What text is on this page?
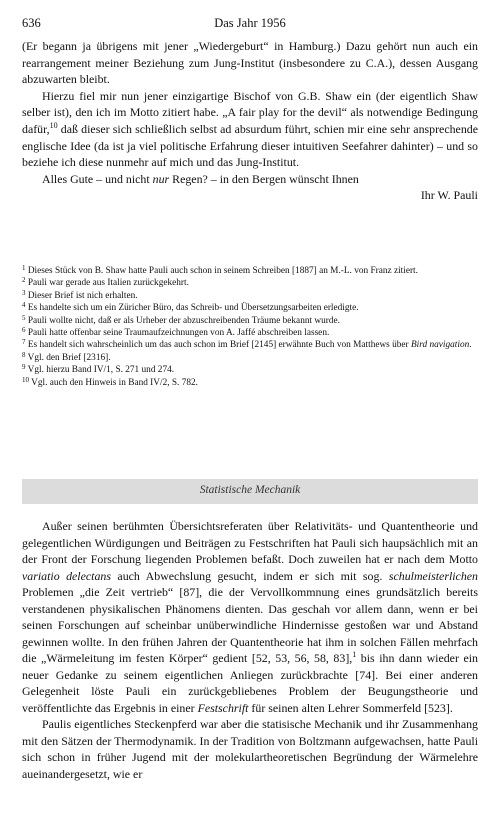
636	Das Jahr 1956

(Er begann ja übrigens mit jener „Wiedergeburt“ in Hamburg.) Dazu gehört nun auch ein rearrangement meiner Beziehung zum Jung-Institut (insbesondere zu C.A.), dessen Ausgang abzuwarten bleibt.

Hierzu fiel mir nun jener einzigartige Bischof von G.B. Shaw ein (der eigentlich Shaw selber ist), den ich im Motto zitiert habe. „A fair play for the devil“ als notwendige Bedingung dafür,$^{10}$ daß dieser sich schließlich selbst ad absurdum führt, schien mir eine sehr ansprechende englische Idee (da ist ja viel politische Erfahrung dieser intuitiven Seefahrer dahinter) – und so beziehe ich diese nunmehr auf mich und das Jung-Institut.

Alles Gute – und nicht nur Regen? – in den Bergen wünscht Ihnen

Ihr W. Pauli

$^1$ Dieses Stück von B. Shaw hatte Pauli auch schon in seinem Schreiben [1887] an M.-L. von Franz zitiert.

$^2$ Pauli war gerade aus Italien zurückgekehrt.

$^3$ Dieser Brief ist nich erhalten.

$^4$ Es handelte sich um ein Züricher Büro, das Schreib- und Übersetzungsarbeiten erledigte.

$^5$ Pauli wollte nicht, daß er als Urheber der abzuschreibenden Träume bekannt wurde.

$^6$ Pauli hatte offenbar seine Traumaufzeichnungen von A. Jaffé abschreiben lassen.

$^7$ Es handelt sich wahrscheinlich um das auch schon im Brief [2145] erwähnte Buch von Matthews über Bird navigation.

$^8$ Vgl. den Brief [2316].

$^9$ Vgl. hierzu Band IV/1, S. 271 und 274.

$^{10}$ Vgl. auch den Hinweis in Band IV/2, S. 782.

Statistische Mechanik

Außer seinen berühmten Übersichtsreferaten über Relativitäts- und Quantentheorie und gelegentlichen Würdigungen und Beiträgen zu Festschriften hat Pauli sich haupsächlich mit an der Front der Forschung liegenden Problemen befaßt. Doch zuweilen hat er nach dem Motto variatio delectans auch Abwechslung gesucht, indem er sich mit sog. schulmeisterlichen Problemen „die Zeit vertrieb“ [87], die der Vervollkommnung eines grundsätzlich bereits verstandenen physikalischen Phänomens dienten. Das geschah vor allem dann, wenn er bei seinen Forschungen auf scheinbar unüberwindliche Hindernisse gestoßen war und Abstand gewinnen wollte. In den frühen Jahren der Quantentheorie hat ihm in solchen Fällen mehrfach die „Wärmeleitung im festen Körper“ gedient [52, 53, 56, 58, 83],$^1$ bis ihn dann wieder ein neuer Gedanke zu seinem eigentlichen Anliegen zurückbrachte [74]. Bei einer anderen Gelegenheit löste Pauli ein zurückgebliebenes Problem der Beugungstheorie und veröffentlichte das Ergebnis in einer Festschrift für seinen alten Lehrer Sommerfeld [523].

Paulis eigentliches Steckenpferd war aber die statisische Mechanik und ihr Zusammenhang mit den Sätzen der Thermodynamik. In der Tradition von Boltzmann aufgewachsen, hatte Pauli sich schon in früher Jugend mit der molekulartheoretischen Begründung der Wärmelehre aueinandergesetzt, wie er
